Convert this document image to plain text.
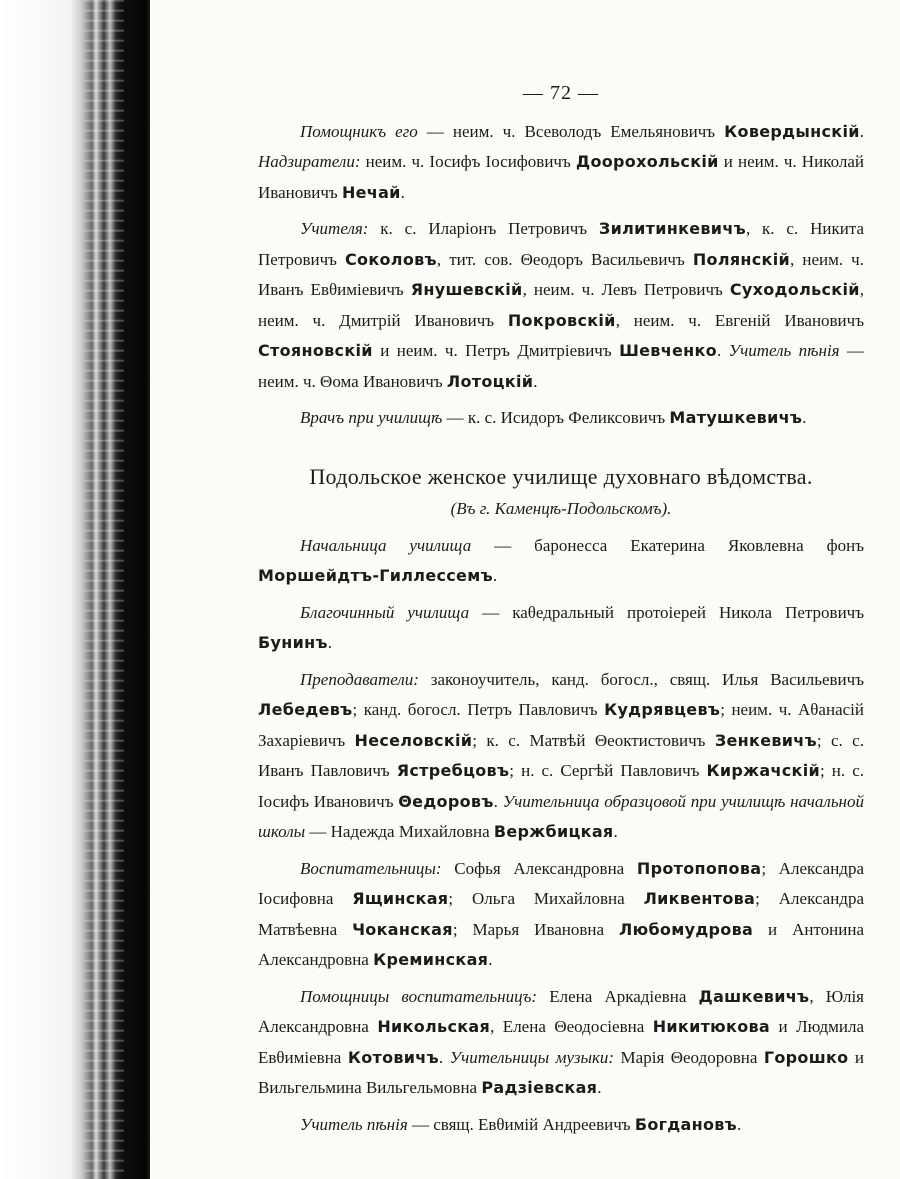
— 72 —

Помощникъ его — неим. ч. Всеволодъ Емельяновичъ Ковердынскій. Надзиратели: неим. ч. Іосифъ Іосифовичъ Доорохольскій и неим. ч. Николай Ивановичъ Нечай.

Учителя: к. с. Иларіонъ Петровичъ Зилитинкевичъ, к. с. Никита Петровичъ Соколовъ, тит. сов. Θеодоръ Васильевичъ Полянскій, неим. ч. Иванъ Евθиміевичъ Янушевскій, неим. ч. Левъ Петровичъ Суходольскій, неим. ч. Дмитрій Ивановичъ Покровскій, неим. ч. Евгеній Ивановичъ Стояновскій и неим. ч. Петръ Дмитріевичъ Шевченко. Учитель пѣнія — неим. ч. Θома Ивановичъ Лотоцкій.

Врачъ при училищѣ — к. с. Исидоръ Феликсовичъ Матушкевичъ.

Подольское женское училище духовнаго вѣдомства.
(Въ г. Каменцѣ-Подольскомъ).

Начальница училища — баронесса Екатерина Яковлевна фонъ Моршейдтъ-Гиллессемъ.

Благочинный училища — каθедральный протоіерей Никола Петровичъ Бунинъ.

Преподаватели: законоучитель, канд. богосл., свящ. Илья Васильевичъ Лебедевъ; канд. богосл. Петръ Павловичъ Кудрявцевъ; неим. ч. Аθанасій Захаріевичъ Неселовскій; к. с. Матвѣй Θеоктистовичъ Зенкевичъ; с. с. Иванъ Павловичъ Ястребцовъ; н. с. Сергѣй Павловичъ Киржачскій; н. с. Іосифъ Ивановичъ Θедоровъ. Учительница образцовой при училищѣ начальной школы — Надежда Михайловна Вержбицкая.

Воспитательницы: Софья Александровна Протопопова; Александра Іосифовна Ящинская; Ольга Михайловна Ликвентова; Александра Матвѣевна Чоканская; Марья Ивановна Любомудрова и Антонина Александровна Креминская.

Помощницы воспитательницъ: Елена Аркадіевна Дашкевичъ, Юлія Александровна Никольская, Елена Θеодосіевна Никитюкова и Людмила Евθиміевна Котовичъ. Учительницы музыки: Марія Θеодоровна Горошко и Вильгельмина Вильгельмовна Радзіевская.

Учитель пѣнія — свящ. Евθимій Андреевичъ Богдановъ.
